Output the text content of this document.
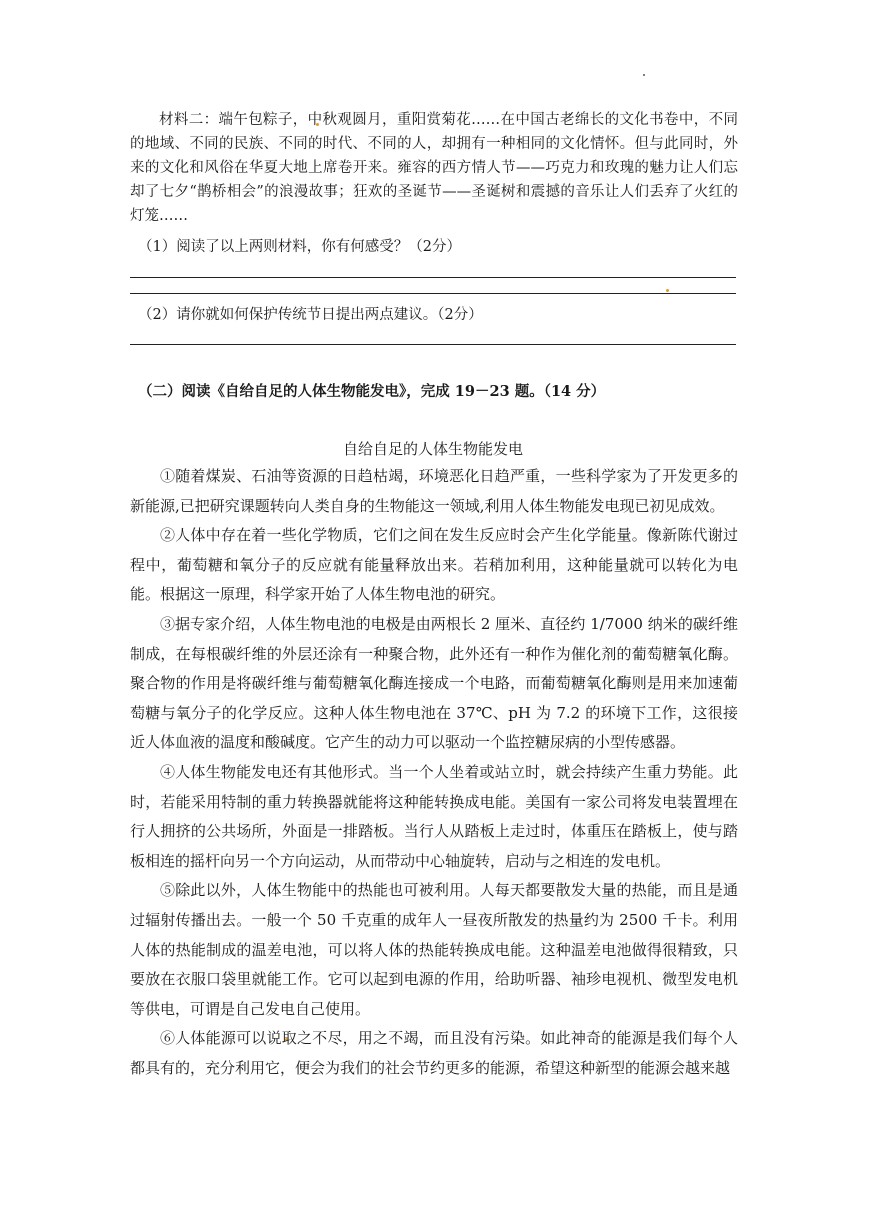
材料二：端午包粽子，中秋观圆月，重阳赏菊花……在中国古老绵长的文化书卷中，不同的地域、不同的民族、不同的时代、不同的人，却拥有一种相同的文化情怀。但与此同时，外来的文化和风俗在华夏大地上席卷开来。雍容的西方情人节——巧克力和玫瑰的魅力让人们忘却了七夕“鹊桥相会”的浪漫故事；狂欢的圣诞节——圣诞树和震撼的音乐让人们丢弃了火红的灯笼……

（1）阅读了以上两则材料，你有何感受？（2分）

（2）请你就如何保护传统节日提出两点建议。（2分）

（二）阅读《自给自足的人体生物能发电》，完成 19－23 题。（14 分）

自给自足的人体生物能发电

①随着煤炭、石油等资源的日趋枯竭，环境恶化日趋严重，一些科学家为了开发更多的新能源,已把研究课题转向人类自身的生物能这一领域,利用人体生物能发电现已初见成效。

②人体中存在着一些化学物质，它们之间在发生反应时会产生化学能量。像新陈代谢过程中，葡萄糖和氧分子的反应就有能量释放出来。若稍加利用，这种能量就可以转化为电能。根据这一原理，科学家开始了人体生物电池的研究。

③据专家介绍，人体生物电池的电极是由两根长 2 厘米、直径约 1/7000 纳米的碳纤维制成，在每根碳纤维的外层还涂有一种聚合物，此外还有一种作为催化剂的葡萄糖氧化酶。聚合物的作用是将碳纤维与葡萄糖氧化酶连接成一个电路，而葡萄糖氧化酶则是用来加速葡萄糖与氧分子的化学反应。这种人体生物电池在 37℃、pH 为 7.2 的环境下工作，这很接近人体血液的温度和酸碱度。它产生的动力可以驱动一个监控糖尿病的小型传感器。

④人体生物能发电还有其他形式。当一个人坐着或站立时，就会持续产生重力势能。此时，若能采用特制的重力转换器就能将这种能转换成电能。美国有一家公司将发电装置埋在行人拥挤的公共场所，外面是一排踏板。当行人从踏板上走过时，体重压在踏板上，使与踏板相连的摇杆向另一个方向运动，从而带动中心轴旋转，启动与之相连的发电机。

⑤除此以外，人体生物能中的热能也可被利用。人每天都要散发大量的热能，而且是通过辐射传播出去。一般一个 50 千克重的成年人一昼夜所散发的热量约为 2500 千卡。利用人体的热能制成的温差电池，可以将人体的热能转换成电能。这种温差电池做得很精致，只要放在衣服口袋里就能工作。它可以起到电源的作用，给助听器、袖珍电视机、微型发电机等供电，可谓是自己发电自己使用。

⑥人体能源可以说取之不尽，用之不竭，而且没有污染。如此神奇的能源是我们每个人都具有的，充分利用它，便会为我们的社会节约更多的能源，希望这种新型的能源会越来越
